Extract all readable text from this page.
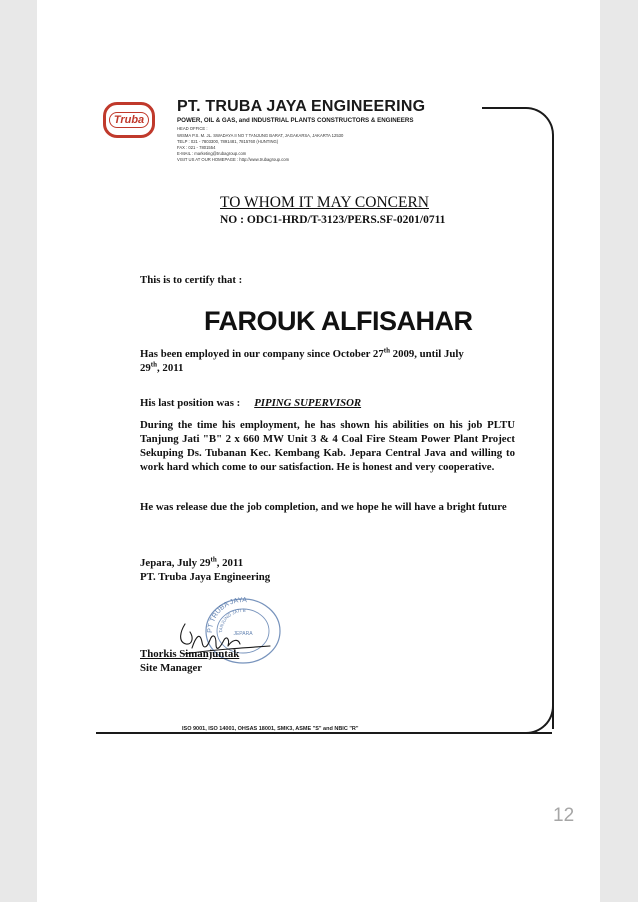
Truba
PT. TRUBA JAYA ENGINEERING
POWER, OIL & GAS, and INDUSTRIAL PLANTS CONSTRUCTORS & ENGINEERS
HEAD OFFICE :
WISMA P.S. M. JL. SWADAYA II NO 7 TANJUNG BARAT, JAGAKARSA, JAKARTA 12530
TELP : 021 - 7803300, 7891481, 7815760 (HUNTING)
FAX : 021 - 7801554
E-MAIL : marketing@trubagroup.com
VISIT US AT OUR HOMEPAGE : http://www.trubagroup.com
ISO 9001, ISO 14001, OHSAS 18001, SMK3, ASME "S" and NBIC "R"
TO WHOM IT MAY CONCERN
NO : ODC1-HRD/T-3123/PERS.SF-0201/0711
This is to certify that :
FAROUK ALFISAHAR
Has been employed in our company since October 27th 2009, until July
29th, 2011
His last position was : PIPING SUPERVISOR
During the time his employment, he has shown his abilities on his job PLTU Tanjung Jati "B" 2 x 660 MW Unit 3 & 4 Coal Fire Steam Power Plant Project Sekuping Ds. Tubanan Kec. Kembang Kab. Jepara Central Java and willing to work hard which come to our satisfaction. He is honest and very cooperative.
He was release due the job completion, and we hope he will have a bright future
Jepara, July 29th, 2011
PT. Truba Jaya Engineering
PT TRUBA JAYA
TANJUNG JATI B
JEPARA
Thorkis Simanjuntak
Site Manager
12
